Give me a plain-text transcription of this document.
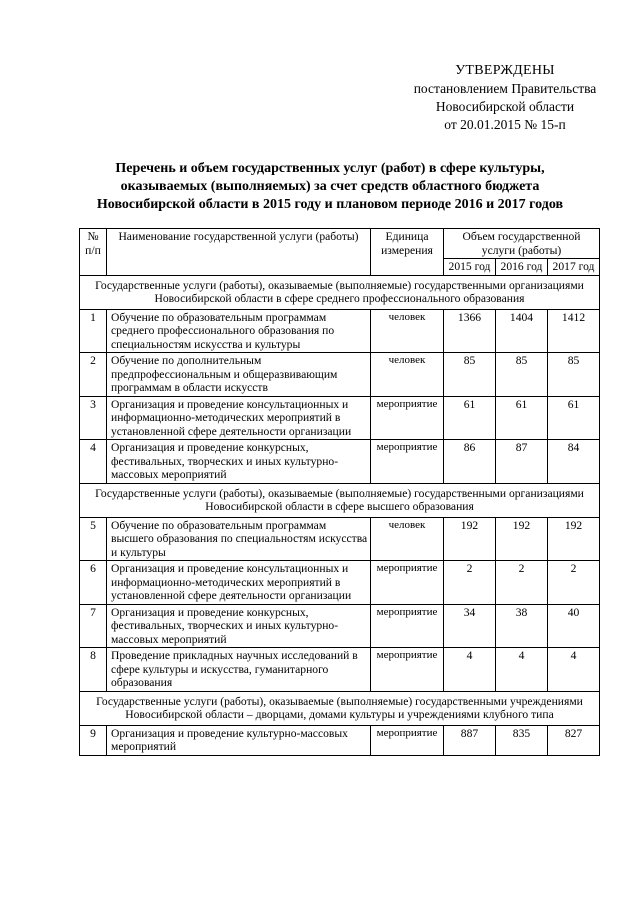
УТВЕРЖДЕНЫ
постановлением Правительства
Новосибирской области
от 20.01.2015 № 15-п
Перечень и объем государственных услуг (работ) в сфере культуры,
оказываемых (выполняемых) за счет средств областного бюджета
Новосибирской области в 2015 году и плановом периоде 2016 и 2017 годов
№ п/п	Наименование государственной услуги (работы)	Единица измерения	Объем государственной услуги (работы)		
			2015 год	2016 год	2017 год
Государственные услуги (работы), оказываемые (выполняемые) государственными организациями Новосибирской области в сфере среднего профессионального образования					
1	Обучение по образовательным программам среднего профессионального образования по специальностям искусства и культуры	человек	1366	1404	1412
2	Обучение по дополнительным предпрофессиональным и общеразвивающим программам в области искусств	человек	85	85	85
3	Организация и проведение консультационных и информационно-методических мероприятий в установленной сфере деятельности организации	мероприятие	61	61	61
4	Организация и проведение конкурсных, фестивальных, творческих и иных культурно-массовых мероприятий	мероприятие	86	87	84
Государственные услуги (работы), оказываемые (выполняемые) государственными организациями Новосибирской области в сфере высшего образования					
5	Обучение по образовательным программам высшего образования по специальностям искусства и культуры	человек	192	192	192
6	Организация и проведение консультационных и информационно-методических мероприятий в установленной сфере деятельности организации	мероприятие	2	2	2
7	Организация и проведение конкурсных, фестивальных, творческих и иных культурно-массовых мероприятий	мероприятие	34	38	40
8	Проведение прикладных научных исследований в сфере культуры и искусства, гуманитарного образования	мероприятие	4	4	4
Государственные услуги (работы), оказываемые (выполняемые) государственными учреждениями Новосибирской области – дворцами, домами культуры и учреждениями клубного типа					
9	Организация и проведение культурно-массовых мероприятий	мероприятие	887	835	827
